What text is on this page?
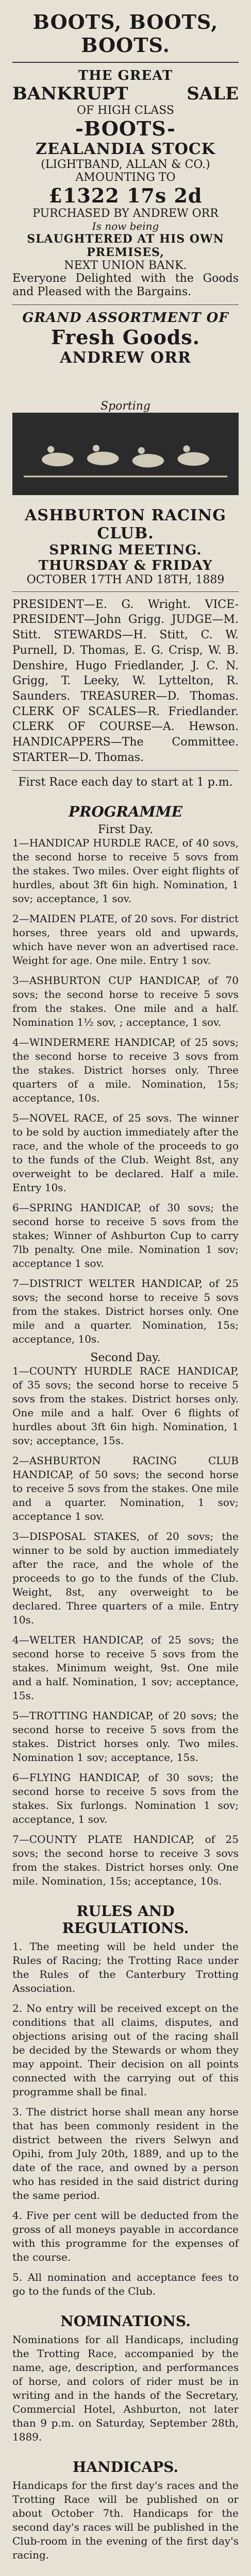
BOOTS, BOOTS, BOOTS.
THE GREAT
BANKRUPT	SALE
OF HIGH CLASS
-BOOTS-
ZEALANDIA STOCK
(LIGHTBAND, ALLAN & CO.)
AMOUNTING TO
£1322 17s 2d
PURCHASED BY ANDREW ORR
Is now being
SLAUGHTERED AT HIS OWN PREMISES,
NEXT UNION BANK.
Everyone Delighted with the Goods and Pleased with the Bargains.
GRAND ASSORTMENT OF
Fresh Goods.
ANDREW ORR
Sporting
ASHBURTON RACING CLUB.
SPRING MEETING.
THURSDAY & FRIDAY
OCTOBER 17TH AND 18TH, 1889
PRESIDENT—E. G. Wright. VICE-PRESIDENT—John Grigg. JUDGE—M. Stitt. STEWARDS—H. Stitt, C. W. Purnell, D. Thomas, E. G. Crisp, W. B. Denshire, Hugo Friedlander, J. C. N. Grigg, T. Leeky, W. Lyttelton, R. Saunders. TREASURER—D. Thomas. CLERK OF SCALES—R. Friedlander. CLERK OF COURSE—A. Hewson. HANDICAPPERS—The Committee. STARTER—D. Thomas.
First Race each day to start at 1 p.m.
PROGRAMME
First Day.
1—HANDICAP HURDLE RACE, of 40 sovs, the second horse to receive 5 sovs from the stakes. Two miles. Over eight flights of hurdles, about 3ft 6in high. Nomination, 1 sov; acceptance, 1 sov.
2—MAIDEN PLATE, of 20 sovs. For district horses, three years old and upwards, which have never won an advertised race. Weight for age. One mile. Entry 1 sov.
3—ASHBURTON CUP HANDICAP, of 70 sovs; the second horse to receive 5 sovs from the stakes. One mile and a half. Nomination 1½ sov, ; acceptance, 1 sov.
4—WINDERMERE HANDICAP, of 25 sovs; the second horse to receive 3 sovs from the stakes. District horses only. Three quarters of a mile. Nomination, 15s; acceptance, 10s.
5—NOVEL RACE, of 25 sovs. The winner to be sold by auction immediately after the race, and the whole of the proceeds to go to the funds of the Club. Weight 8st, any overweight to be declared. Half a mile. Entry 10s.
6—SPRING HANDICAP, of 30 sovs; the second horse to receive 5 sovs from the stakes; Winner of Ashburton Cup to carry 7lb penalty. One mile. Nomination 1 sov; acceptance 1 sov.
7—DISTRICT WELTER HANDICAP, of 25 sovs; the second horse to receive 5 sovs from the stakes. District horses only. One mile and a quarter. Nomination, 15s; acceptance, 10s.
Second Day.
1—COUNTY HURDLE RACE HANDICAP, of 35 sovs; the second horse to receive 5 sovs from the stakes. District horses only. One mile and a half. Over 6 flights of hurdles about 3ft 6in high. Nomination, 1 sov; acceptance, 15s.
2—ASHBURTON RACING CLUB HANDICAP, of 50 sovs; the second horse to receive 5 sovs from the stakes. One mile and a quarter. Nomination, 1 sov; acceptance 1 sov.
3—DISPOSAL STAKES, of 20 sovs; the winner to be sold by auction immediately after the race, and the whole of the proceeds to go to the funds of the Club. Weight, 8st, any overweight to be declared. Three quarters of a mile. Entry 10s.
4—WELTER HANDICAP, of 25 sovs; the second horse to receive 5 sovs from the stakes. Minimum weight, 9st. One mile and a half. Nomination, 1 sov; acceptance, 15s.
5—TROTTING HANDICAP, of 20 sovs; the second horse to receive 5 sovs from the stakes. District horses only. Two miles. Nomination 1 sov; acceptance, 15s.
6—FLYING HANDICAP, of 30 sovs; the second horse to receive 5 sovs from the stakes. Six furlongs. Nomination 1 sov; acceptance, 1 sov.
7—COUNTY PLATE HANDICAP, of 25 sovs; the second horse to receive 3 sovs from the stakes. District horses only. One mile. Nomination, 15s; acceptance, 10s.
RULES AND REGULATIONS.
1. The meeting will be held under the Rules of Racing; the Trotting Race under the Rules of the Canterbury Trotting Association.
2. No entry will be received except on the conditions that all claims, disputes, and objections arising out of the racing shall be decided by the Stewards or whom they may appoint. Their decision on all points connected with the carrying out of this programme shall be final.
3. The district horse shall mean any horse that has been commonly resident in the district between the rivers Selwyn and Opihi, from July 20th, 1889, and up to the date of the race, and owned by a person who has resided in the said district during the same period.
4. Five per cent will be deducted from the gross of all moneys payable in accordance with this programme for the expenses of the course.
5. All nomination and acceptance fees to go to the funds of the Club.
NOMINATIONS.
Nominations for all Handicaps, including the Trotting Race, accompanied by the name, age, description, and performances of horse, and colors of rider must be in writing and in the hands of the Secretary, Commercial Hotel, Ashburton, not later than 9 p.m. on Saturday, September 28th, 1889.
HANDICAPS.
Handicaps for the first day's races and the Trotting Race will be published on or about October 7th. Handicaps for the second day's races will be published in the Club-room in the evening of the first day's racing.
